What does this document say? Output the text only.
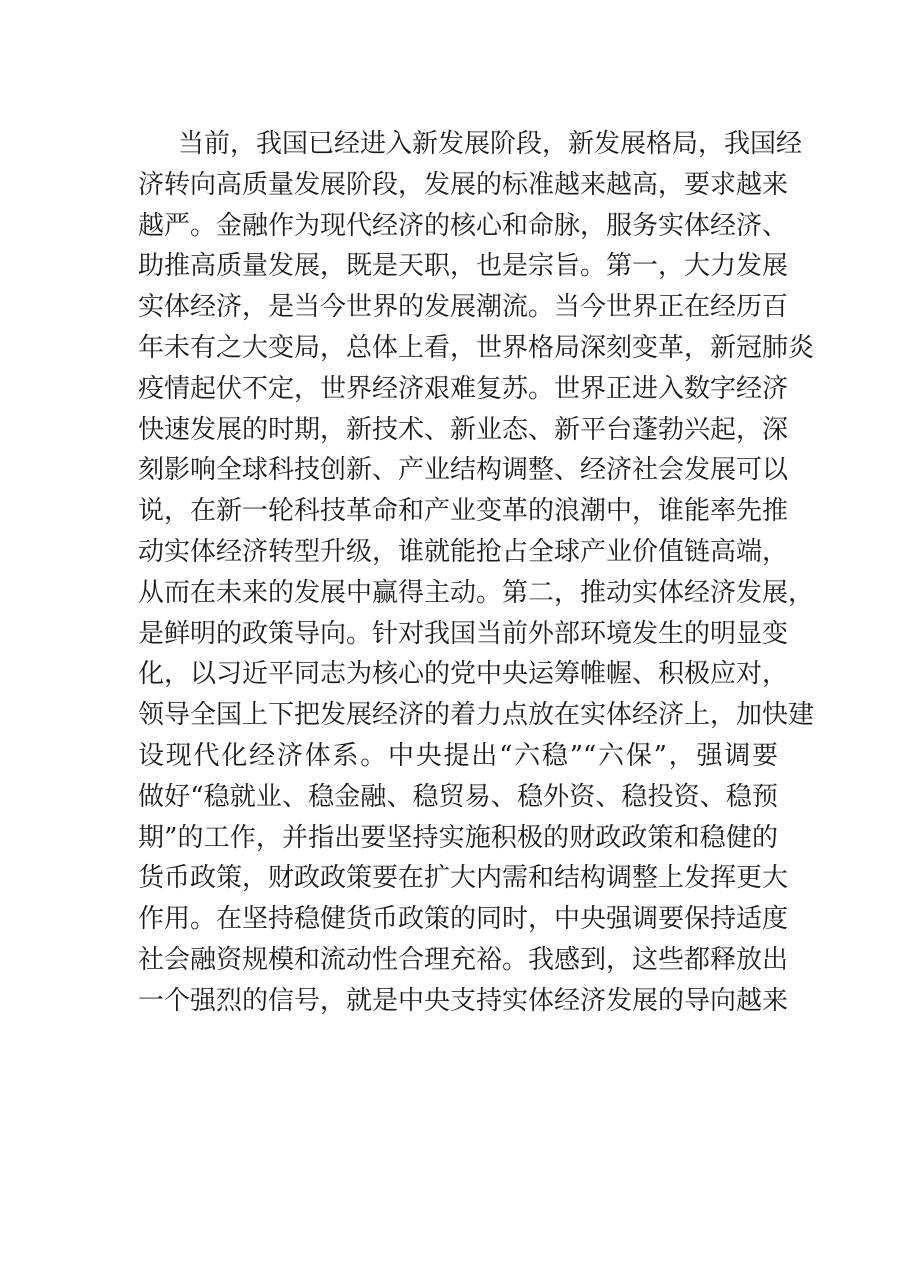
当前，我国已经进入新发展阶段，新发展格局，我国经
济转向高质量发展阶段，发展的标准越来越高，要求越来
越严。金融作为现代经济的核心和命脉，服务实体经济、
助推高质量发展，既是天职，也是宗旨。第一，大力发展
实体经济，是当今世界的发展潮流。当今世界正在经历百
年未有之大变局，总体上看，世界格局深刻变革，新冠肺炎
疫情起伏不定，世界经济艰难复苏。世界正进入数字经济
快速发展的时期，新技术、新业态、新平台蓬勃兴起，深
刻影响全球科技创新、产业结构调整、经济社会发展可以
说，在新一轮科技革命和产业变革的浪潮中，谁能率先推
动实体经济转型升级，谁就能抢占全球产业价值链高端，
从而在未来的发展中赢得主动。第二，推动实体经济发展，
是鲜明的政策导向。针对我国当前外部环境发生的明显变
化，以习近平同志为核心的党中央运筹帷幄、积极应对，
领导全国上下把发展经济的着力点放在实体经济上，加快建
设现代化经济体系。中央提出“六稳”“六保”，强调要
做好“稳就业、稳金融、稳贸易、稳外资、稳投资、稳预
期”的工作，并指出要坚持实施积极的财政政策和稳健的
货币政策，财政政策要在扩大内需和结构调整上发挥更大
作用。在坚持稳健货币政策的同时，中央强调要保持适度
社会融资规模和流动性合理充裕。我感到，这些都释放出
一个强烈的信号，就是中央支持实体经济发展的导向越来
